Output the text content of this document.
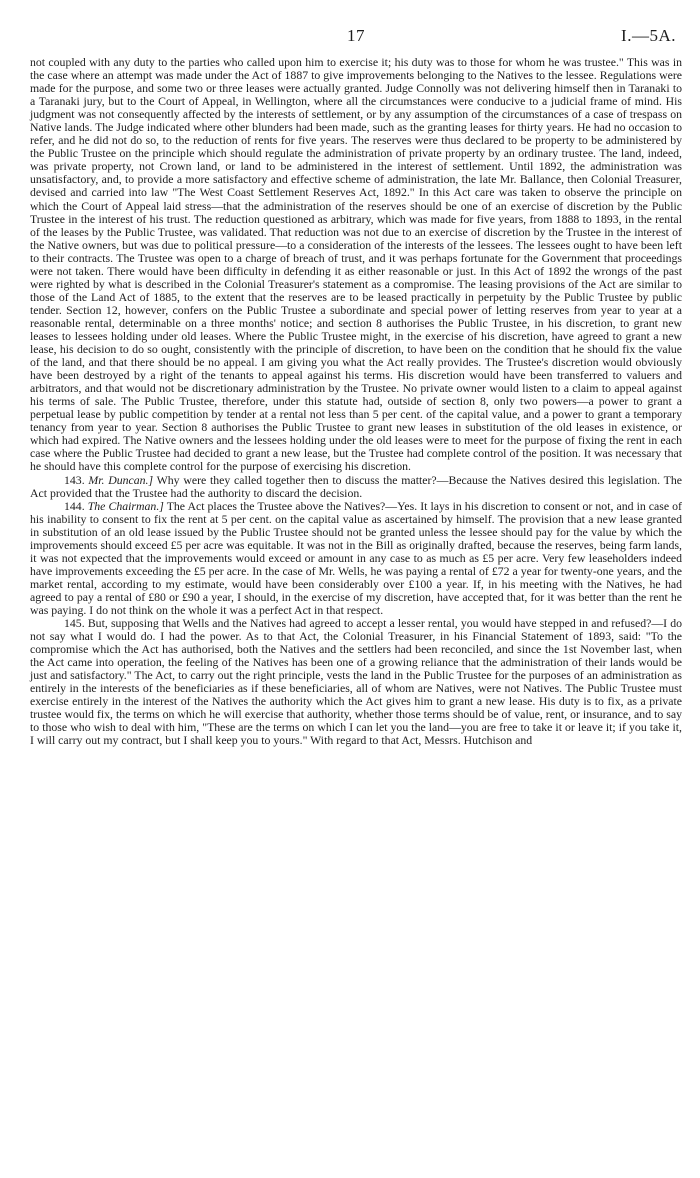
17	I.—5A.

not coupled with any duty to the parties who called upon him to exercise it; his duty was to those for whom he was trustee." This was in the case where an attempt was made under the Act of 1887 to give improvements belonging to the Natives to the lessee. Regulations were made for the purpose, and some two or three leases were actually granted. Judge Connolly was not delivering himself then in Taranaki to a Taranaki jury, but to the Court of Appeal, in Wellington, where all the circumstances were conducive to a judicial frame of mind. His judgment was not consequently affected by the interests of settlement, or by any assumption of the circumstances of a case of trespass on Native lands. The Judge indicated where other blunders had been made, such as the granting leases for thirty years. He had no occasion to refer, and he did not do so, to the reduction of rents for five years. The reserves were thus declared to be property to be administered by the Public Trustee on the principle which should regulate the administration of private property by an ordinary trustee. The land, indeed, was private property, not Crown land, or land to be administered in the interest of settlement. Until 1892, the administration was unsatisfactory, and, to provide a more satisfactory and effective scheme of administration, the late Mr. Ballance, then Colonial Treasurer, devised and carried into law "The West Coast Settlement Reserves Act, 1892." In this Act care was taken to observe the principle on which the Court of Appeal laid stress—that the administration of the reserves should be one of an exercise of discretion by the Public Trustee in the interest of his trust. The reduction questioned as arbitrary, which was made for five years, from 1888 to 1893, in the rental of the leases by the Public Trustee, was validated. That reduction was not due to an exercise of discretion by the Trustee in the interest of the Native owners, but was due to political pressure—to a consideration of the interests of the lessees. The lessees ought to have been left to their contracts. The Trustee was open to a charge of breach of trust, and it was perhaps fortunate for the Government that proceedings were not taken. There would have been difficulty in defending it as either reasonable or just. In this Act of 1892 the wrongs of the past were righted by what is described in the Colonial Treasurer's statement as a compromise. The leasing provisions of the Act are similar to those of the Land Act of 1885, to the extent that the reserves are to be leased practically in perpetuity by the Public Trustee by public tender. Section 12, however, confers on the Public Trustee a subordinate and special power of letting reserves from year to year at a reasonable rental, determinable on a three months' notice; and section 8 authorises the Public Trustee, in his discretion, to grant new leases to lessees holding under old leases. Where the Public Trustee might, in the exercise of his discretion, have agreed to grant a new lease, his decision to do so ought, consistently with the principle of discretion, to have been on the condition that he should fix the value of the land, and that there should be no appeal. I am giving you what the Act really provides. The Trustee's discretion would obviously have been destroyed by a right of the tenants to appeal against his terms. His discretion would have been transferred to valuers and arbitrators, and that would not be discretionary administration by the Trustee. No private owner would listen to a claim to appeal against his terms of sale. The Public Trustee, therefore, under this statute had, outside of section 8, only two powers—a power to grant a perpetual lease by public competition by tender at a rental not less than 5 per cent. of the capital value, and a power to grant a temporary tenancy from year to year. Section 8 authorises the Public Trustee to grant new leases in substitution of the old leases in existence, or which had expired. The Native owners and the lessees holding under the old leases were to meet for the purpose of fixing the rent in each case where the Public Trustee had decided to grant a new lease, but the Trustee had complete control of the position. It was necessary that he should have this complete control for the purpose of exercising his discretion.

143. Mr. Duncan.] Why were they called together then to discuss the matter?—Because the Natives desired this legislation. The Act provided that the Trustee had the authority to discard the decision.

144. The Chairman.] The Act places the Trustee above the Natives?—Yes. It lays in his discretion to consent or not, and in case of his inability to consent to fix the rent at 5 per cent. on the capital value as ascertained by himself. The provision that a new lease granted in substitution of an old lease issued by the Public Trustee should not be granted unless the lessee should pay for the value by which the improvements should exceed £5 per acre was equitable. It was not in the Bill as originally drafted, because the reserves, being farm lands, it was not expected that the improvements would exceed or amount in any case to as much as £5 per acre. Very few leaseholders indeed have improvements exceeding the £5 per acre. In the case of Mr. Wells, he was paying a rental of £72 a year for twenty-one years, and the market rental, according to my estimate, would have been considerably over £100 a year. If, in his meeting with the Natives, he had agreed to pay a rental of £80 or £90 a year, I should, in the exercise of my discretion, have accepted that, for it was better than the rent he was paying. I do not think on the whole it was a perfect Act in that respect.

145. But, supposing that Wells and the Natives had agreed to accept a lesser rental, you would have stepped in and refused?—I do not say what I would do. I had the power. As to that Act, the Colonial Treasurer, in his Financial Statement of 1893, said: "To the compromise which the Act has authorised, both the Natives and the settlers had been reconciled, and since the 1st November last, when the Act came into operation, the feeling of the Natives has been one of a growing reliance that the administration of their lands would be just and satisfactory." The Act, to carry out the right principle, vests the land in the Public Trustee for the purposes of an administration as entirely in the interests of the beneficiaries as if these beneficiaries, all of whom are Natives, were not Natives. The Public Trustee must exercise entirely in the interest of the Natives the authority which the Act gives him to grant a new lease. His duty is to fix, as a private trustee would fix, the terms on which he will exercise that authority, whether those terms should be of value, rent, or insurance, and to say to those who wish to deal with him, "These are the terms on which I can let you the land—you are free to take it or leave it; if you take it, I will carry out my contract, but I shall keep you to yours." With regard to that Act, Messrs. Hutchison and
